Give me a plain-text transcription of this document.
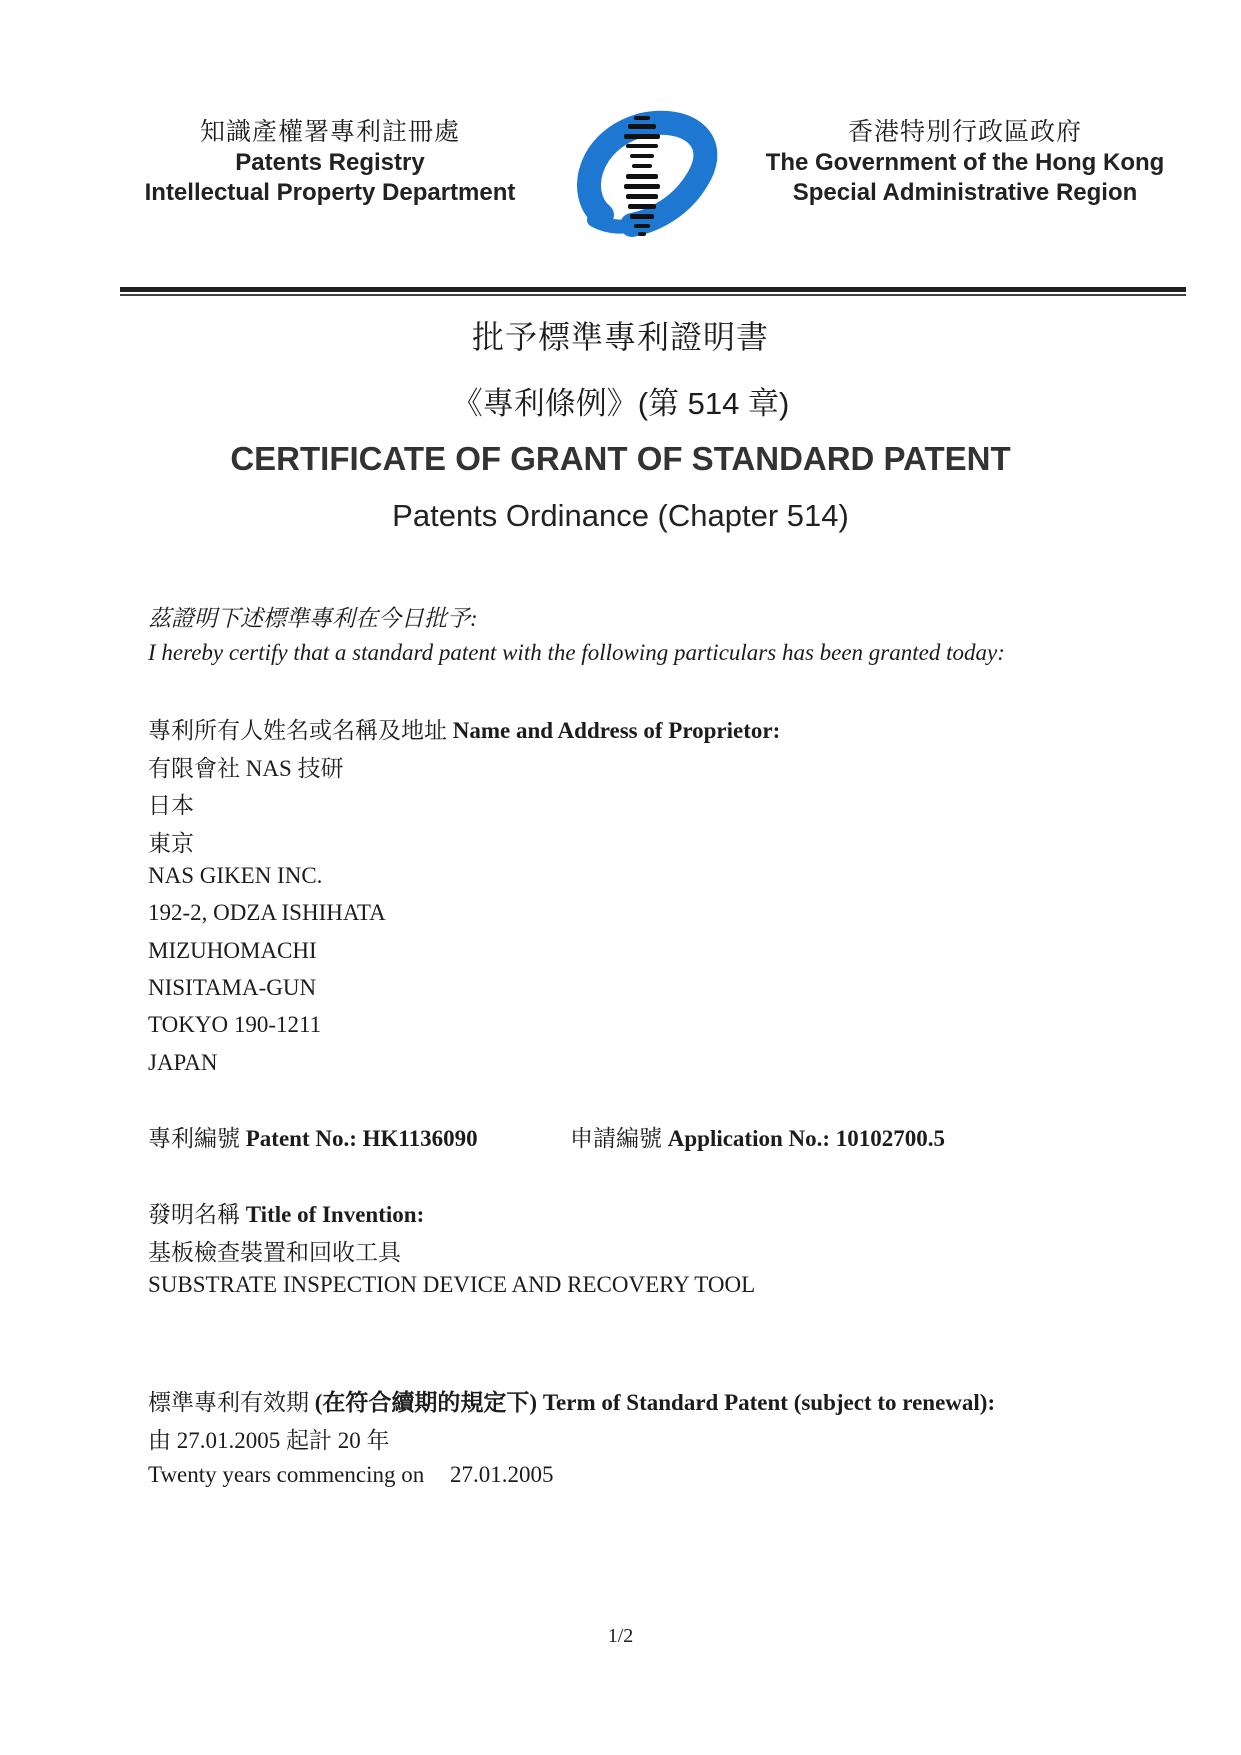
知識產權署專利註冊處
Patents Registry
Intellectual Property Department
香港特別行政區政府
The Government of the Hong Kong
Special Administrative Region
批予標準專利證明書
《專利條例》(第 514 章)
CERTIFICATE OF GRANT OF STANDARD PATENT
Patents Ordinance (Chapter 514)
茲證明下述標準專利在今日批予:
I hereby certify that a standard patent with the following particulars has been granted today:
專利所有人姓名或名稱及地址 Name and Address of Proprietor:
有限會社 NAS 技研
日本
東京
NAS GIKEN INC.
192-2, ODZA ISHIHATA
MIZUHOMACHI
NISITAMA-GUN
TOKYO 190-1211
JAPAN
專利編號 Patent No.: HK1136090	申請編號 Application No.: 10102700.5
發明名稱 Title of Invention:
基板檢查裝置和回收工具
SUBSTRATE INSPECTION DEVICE AND RECOVERY TOOL
標準專利有效期 (在符合續期的規定下) Term of Standard Patent (subject to renewal):
由 27.01.2005 起計 20 年
Twenty years commencing on 27.01.2005
1/2
